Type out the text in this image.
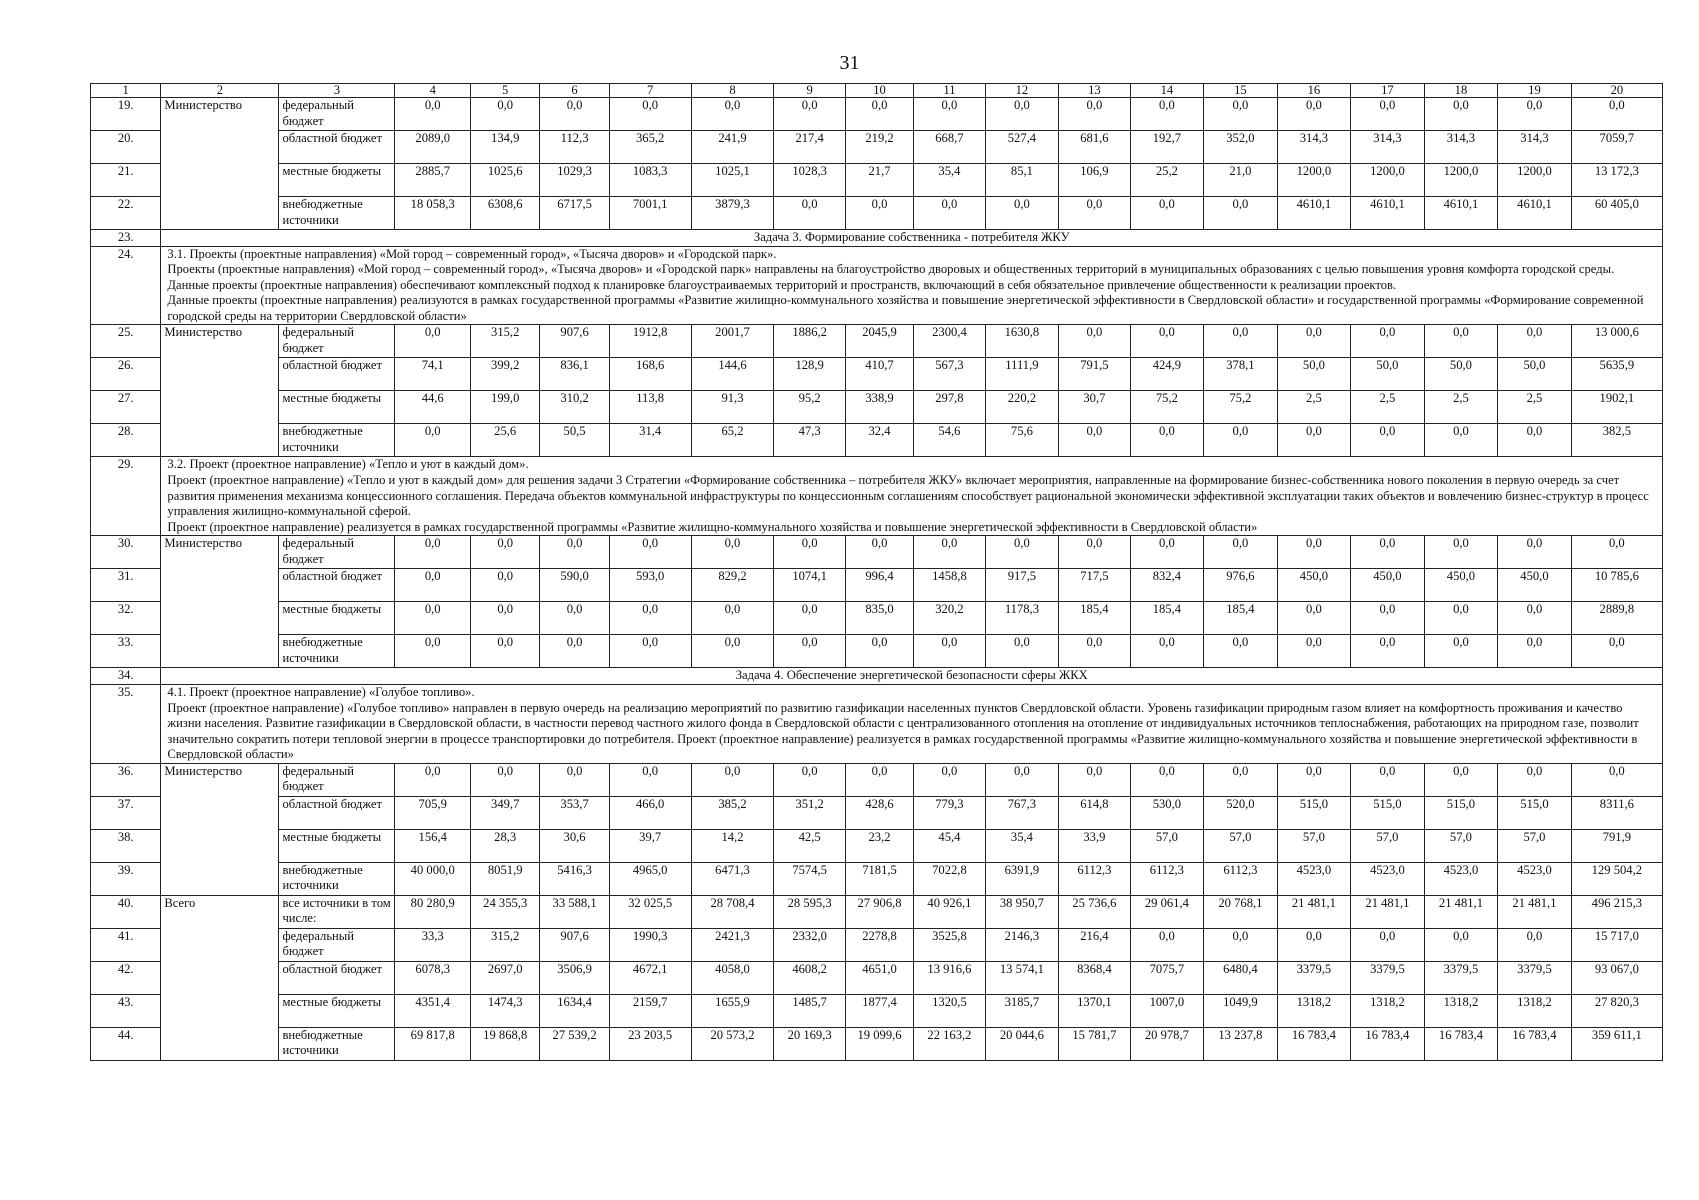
31
1	2	3	4	5	6	7	8	9	10	11	12	13	14	15	16	17	18	19	20
19.	Министерство	федеральный бюджет	0,0	0,0	0,0	0,0	0,0	0,0	0,0	0,0	0,0	0,0	0,0	0,0	0,0	0,0	0,0	0,0	0,0
20.		областной бюджет	2089,0	134,9	112,3	365,2	241,9	217,4	219,2	668,7	527,4	681,6	192,7	352,0	314,3	314,3	314,3	314,3	7059,7
21.		местные бюджеты	2885,7	1025,6	1029,3	1083,3	1025,1	1028,3	21,7	35,4	85,1	106,9	25,2	21,0	1200,0	1200,0	1200,0	1200,0	13 172,3
22.		внебюджетные источники	18 058,3	6308,6	6717,5	7001,1	3879,3	0,0	0,0	0,0	0,0	0,0	0,0	0,0	4610,1	4610,1	4610,1	4610,1	60 405,0
23.	Задача 3. Формирование собственника - потребителя ЖКУ																		
24.	3.1. Проекты (проектные направления) «Мой город – современный город», «Тысяча дворов» и «Городской парк».

Проекты (проектные направления) «Мой город – современный город», «Тысяча дворов» и «Городской парк» направлены на благоустройство дворовых и общественных территорий в муниципальных образованиях с целью повышения уровня комфорта городской среды. Данные проекты (проектные направления) обеспечивают комплексный подход к планировке благоустраиваемых территорий и пространств, включающий в себя обязательное привлечение общественности к реализации проектов.

Данные проекты (проектные направления) реализуются в рамках государственной программы «Развитие жилищно-коммунального хозяйства и повышение энергетической эффективности в Свердловской области» и государственной программы «Формирование современной городской среды на территории Свердловской области»																		

25.	Министерство	федеральный бюджет	0,0	315,2	907,6	1912,8	2001,7	1886,2	2045,9	2300,4	1630,8	0,0	0,0	0,0	0,0	0,0	0,0	0,0	13 000,6
26.		областной бюджет	74,1	399,2	836,1	168,6	144,6	128,9	410,7	567,3	1111,9	791,5	424,9	378,1	50,0	50,0	50,0	50,0	5635,9
27.		местные бюджеты	44,6	199,0	310,2	113,8	91,3	95,2	338,9	297,8	220,2	30,7	75,2	75,2	2,5	2,5	2,5	2,5	1902,1
28.		внебюджетные источники	0,0	25,6	50,5	31,4	65,2	47,3	32,4	54,6	75,6	0,0	0,0	0,0	0,0	0,0	0,0	0,0	382,5
29.	3.2. Проект (проектное направление) «Тепло и уют в каждый дом».

Проект (проектное направление) «Тепло и уют в каждый дом» для решения задачи 3 Стратегии «Формирование собственника – потребителя ЖКУ» включает мероприятия, направленные на формирование бизнес-собственника нового поколения в первую очередь за счет развития применения механизма концессионного соглашения. Передача объектов коммунальной инфраструктуры по концессионным соглашениям способствует рациональной экономически эффективной эксплуатации таких объектов и вовлечению бизнес-структур в процесс управления жилищно-коммунальной сферой.

Проект (проектное направление) реализуется в рамках государственной программы «Развитие жилищно-коммунального хозяйства и повышение энергетической эффективности в Свердловской области»																		

30.	Министерство	федеральный бюджет	0,0	0,0	0,0	0,0	0,0	0,0	0,0	0,0	0,0	0,0	0,0	0,0	0,0	0,0	0,0	0,0	0,0
31.		областной бюджет	0,0	0,0	590,0	593,0	829,2	1074,1	996,4	1458,8	917,5	717,5	832,4	976,6	450,0	450,0	450,0	450,0	10 785,6
32.		местные бюджеты	0,0	0,0	0,0	0,0	0,0	0,0	835,0	320,2	1178,3	185,4	185,4	185,4	0,0	0,0	0,0	0,0	2889,8
33.		внебюджетные источники	0,0	0,0	0,0	0,0	0,0	0,0	0,0	0,0	0,0	0,0	0,0	0,0	0,0	0,0	0,0	0,0	0,0
34.	Задача 4. Обеспечение энергетической безопасности сферы ЖКХ																		
35.	4.1. Проект (проектное направление) «Голубое топливо».

Проект (проектное направление) «Голубое топливо» направлен в первую очередь на реализацию мероприятий по развитию газификации населенных пунктов Свердловской области. Уровень газификации природным газом влияет на комфортность проживания и качество жизни населения. Развитие газификации в Свердловской области, в частности перевод частного жилого фонда в Свердловской области с централизованного отопления на отопление от индивидуальных источников теплоснабжения, работающих на природном газе, позволит значительно сократить потери тепловой энергии в процессе транспортировки до потребителя. Проект (проектное направление) реализуется в рамках государственной программы «Развитие жилищно-коммунального хозяйства и повышение энергетической эффективности в Свердловской области»																		

36.	Министерство	федеральный бюджет	0,0	0,0	0,0	0,0	0,0	0,0	0,0	0,0	0,0	0,0	0,0	0,0	0,0	0,0	0,0	0,0	0,0
37.		областной бюджет	705,9	349,7	353,7	466,0	385,2	351,2	428,6	779,3	767,3	614,8	530,0	520,0	515,0	515,0	515,0	515,0	8311,6
38.		местные бюджеты	156,4	28,3	30,6	39,7	14,2	42,5	23,2	45,4	35,4	33,9	57,0	57,0	57,0	57,0	57,0	57,0	791,9
39.		внебюджетные источники	40 000,0	8051,9	5416,3	4965,0	6471,3	7574,5	7181,5	7022,8	6391,9	6112,3	6112,3	6112,3	4523,0	4523,0	4523,0	4523,0	129 504,2
40.	Всего	все источники в том числе:	80 280,9	24 355,3	33 588,1	32 025,5	28 708,4	28 595,3	27 906,8	40 926,1	38 950,7	25 736,6	29 061,4	20 768,1	21 481,1	21 481,1	21 481,1	21 481,1	496 215,3
41.		федеральный бюджет	33,3	315,2	907,6	1990,3	2421,3	2332,0	2278,8	3525,8	2146,3	216,4	0,0	0,0	0,0	0,0	0,0	0,0	15 717,0
42.		областной бюджет	6078,3	2697,0	3506,9	4672,1	4058,0	4608,2	4651,0	13 916,6	13 574,1	8368,4	7075,7	6480,4	3379,5	3379,5	3379,5	3379,5	93 067,0
43.		местные бюджеты	4351,4	1474,3	1634,4	2159,7	1655,9	1485,7	1877,4	1320,5	3185,7	1370,1	1007,0	1049,9	1318,2	1318,2	1318,2	1318,2	27 820,3
44.		внебюджетные источники	69 817,8	19 868,8	27 539,2	23 203,5	20 573,2	20 169,3	19 099,6	22 163,2	20 044,6	15 781,7	20 978,7	13 237,8	16 783,4	16 783,4	16 783,4	16 783,4	359 611,1
